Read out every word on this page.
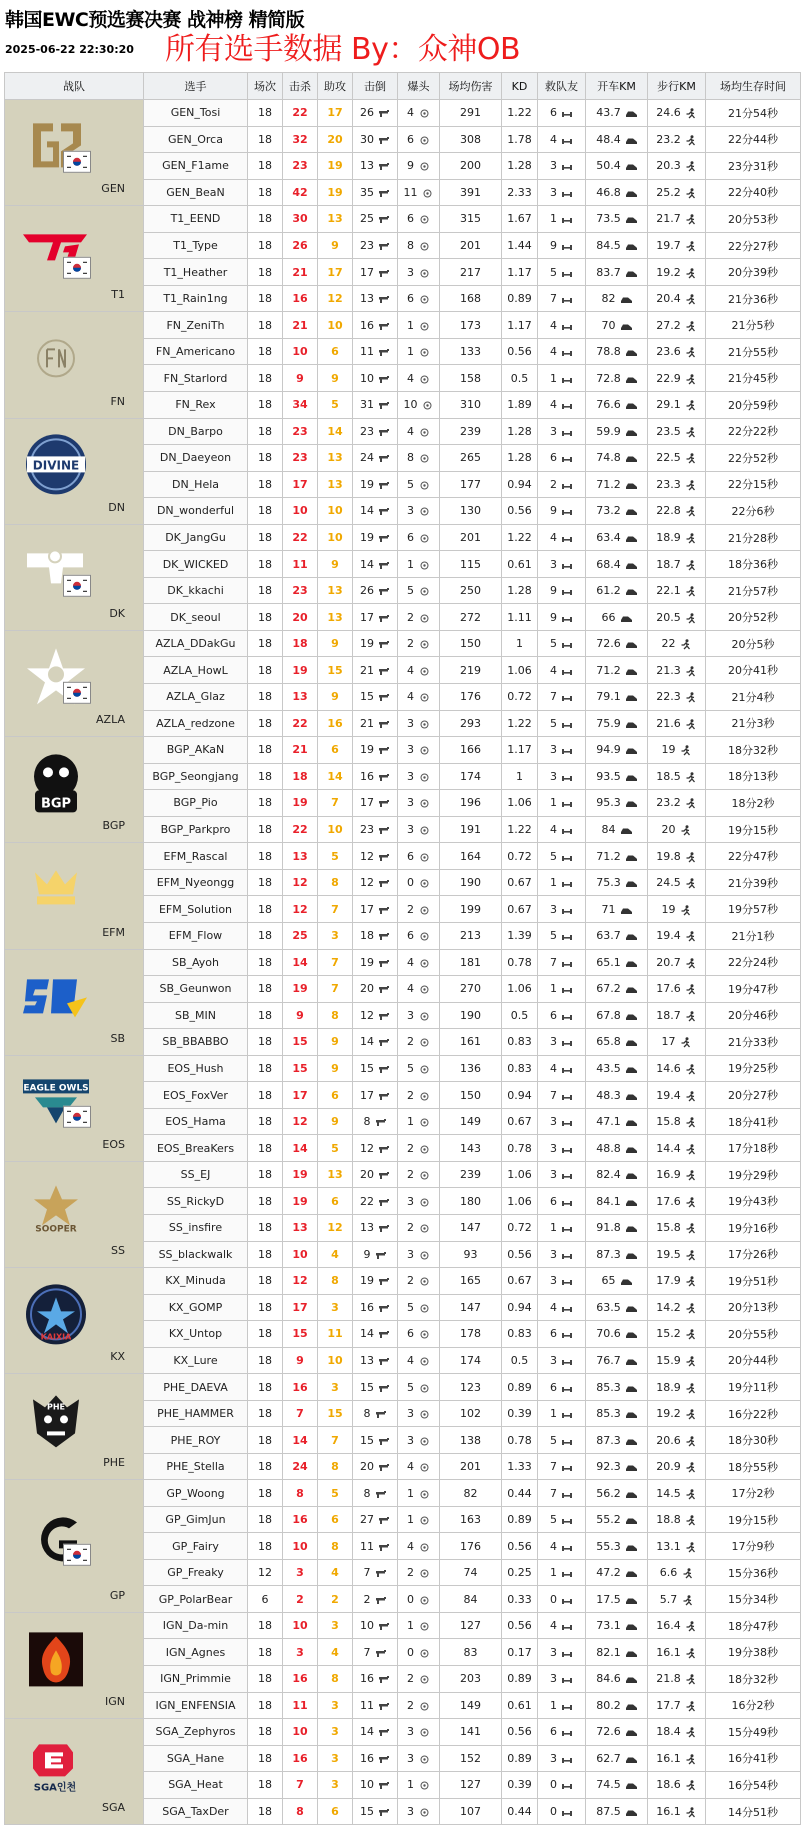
韩国EWC预选赛决赛 战神榜 精简版
2025-06-22 22:30:20 所有选手数据 By：众神OB
战队	选手	场次	击杀	助攻	击倒	爆头	场均伤害	KD	救队友	开车KM	步行KM	场均生存时间

GEN	GEN_Tosi	18	22	17	26	4	291	1.22	6	43.7	24.6	21分54秒
	GEN_Orca	18	32	20	30	6	308	1.78	4	48.4	23.2	22分44秒
	GEN_F1ame	18	23	19	13	9	200	1.28	3	50.4	20.3	23分31秒
	GEN_BeaN	18	42	19	35	11	391	2.33	3	46.8	25.2	22分40秒

T1	T1_EEND	18	30	13	25	6	315	1.67	1	73.5	21.7	20分53秒
	T1_Type	18	26	9	23	8	201	1.44	9	84.5	19.7	22分27秒
	T1_Heather	18	21	17	17	3	217	1.17	5	83.7	19.2	20分39秒
	T1_Rain1ng	18	16	12	13	6	168	0.89	7	82	20.4	21分36秒

FN	FN_ZeniTh	18	21	10	16	1	173	1.17	4	70	27.2	21分5秒
	FN_Americano	18	10	6	11	1	133	0.56	4	78.8	23.6	21分55秒
	FN_Starlord	18	9	9	10	4	158	0.5	1	72.8	22.9	21分45秒
	FN_Rex	18	34	5	31	10	310	1.89	4	76.6	29.1	20分59秒

DIVINE
DN	DN_Barpo	18	23	14	23	4	239	1.28	3	59.9	23.5	22分22秒
	DN_Daeyeon	18	23	13	24	8	265	1.28	6	74.8	22.5	22分52秒
	DN_Hela	18	17	13	19	5	177	0.94	2	71.2	23.3	22分15秒
	DN_wonderful	18	10	10	14	3	130	0.56	9	73.2	22.8	22分6秒

DK	DK_JangGu	18	22	10	19	6	201	1.22	4	63.4	18.9	21分28秒
	DK_WICKED	18	11	9	14	1	115	0.61	3	68.4	18.7	18分36秒
	DK_kkachi	18	23	13	26	5	250	1.28	9	61.2	22.1	21分57秒
	DK_seoul	18	20	13	17	2	272	1.11	9	66	20.5	20分52秒

AZLA	AZLA_DDakGu	18	18	9	19	2	150	1	5	72.6	22	20分5秒
	AZLA_HowL	18	19	15	21	4	219	1.06	4	71.2	21.3	20分41秒
	AZLA_Glaz	18	13	9	15	4	176	0.72	7	79.1	22.3	21分4秒
	AZLA_redzone	18	22	16	21	3	293	1.22	5	75.9	21.6	21分3秒

BGP
BGP	BGP_AKaN	18	21	6	19	3	166	1.17	3	94.9	19	18分32秒
	BGP_Seongjang	18	18	14	16	3	174	1	3	93.5	18.5	18分13秒
	BGP_Pio	18	19	7	17	3	196	1.06	1	95.3	23.2	18分2秒
	BGP_Parkpro	18	22	10	23	3	191	1.22	4	84	20	19分15秒

EFM	EFM_Rascal	18	13	5	12	6	164	0.72	5	71.2	19.8	22分47秒
	EFM_Nyeongg	18	12	8	12	0	190	0.67	1	75.3	24.5	21分39秒
	EFM_Solution	18	12	7	17	2	199	0.67	3	71	19	19分57秒
	EFM_Flow	18	25	3	18	6	213	1.39	5	63.7	19.4	21分1秒

SB	SB_Ayoh	18	14	7	19	4	181	0.78	7	65.1	20.7	22分24秒
	SB_Geunwon	18	19	7	20	4	270	1.06	1	67.2	17.6	19分47秒
	SB_MIN	18	9	8	12	3	190	0.5	6	67.8	18.7	20分46秒
	SB_BBABBO	18	15	9	14	2	161	0.83	3	65.8	17	21分33秒

EAGLE OWLS
EOS	EOS_Hush	18	15	9	15	5	136	0.83	4	43.5	14.6	19分25秒
	EOS_FoxVer	18	17	6	17	2	150	0.94	7	48.3	19.4	20分27秒
	EOS_Hama	18	12	9	8	1	149	0.67	3	47.1	15.8	18分41秒
	EOS_BreaKers	18	14	5	12	2	143	0.78	3	48.8	14.4	17分18秒

SOOPER
SS	SS_EJ	18	19	13	20	2	239	1.06	3	82.4	16.9	19分29秒
	SS_RickyD	18	19	6	22	3	180	1.06	6	84.1	17.6	19分43秒
	SS_insfire	18	13	12	13	2	147	0.72	1	91.8	15.8	19分16秒
	SS_blackwalk	18	10	4	9	3	93	0.56	3	87.3	19.5	17分26秒

KAIXIA
KX	KX_Minuda	18	12	8	19	2	165	0.67	3	65	17.9	19分51秒
	KX_GOMP	18	17	3	16	5	147	0.94	4	63.5	14.2	20分13秒
	KX_Untop	18	15	11	14	6	178	0.83	6	70.6	15.2	20分55秒
	KX_Lure	18	9	10	13	4	174	0.5	3	76.7	15.9	20分44秒

PHE
PHE	PHE_DAEVA	18	16	3	15	5	123	0.89	6	85.3	18.9	19分11秒
	PHE_HAMMER	18	7	15	8	3	102	0.39	1	85.3	19.2	16分22秒
	PHE_ROY	18	14	7	15	3	138	0.78	5	87.3	20.6	18分30秒
	PHE_Stella	18	24	8	20	4	201	1.33	7	92.3	20.9	18分55秒

GP	GP_Woong	18	8	5	8	1	82	0.44	7	56.2	14.5	17分2秒
	GP_GimJun	18	16	6	27	1	163	0.89	5	55.2	18.8	19分15秒
	GP_Fairy	18	10	8	11	4	176	0.56	4	55.3	13.1	17分9秒
	GP_Freaky	12	3	4	7	2	74	0.25	1	47.2	6.6	15分36秒
	GP_PolarBear	6	2	2	2	0	84	0.33	0	17.5	5.7	15分34秒

IGN	IGN_Da-min	18	10	3	10	1	127	0.56	4	73.1	16.4	18分47秒
	IGN_Agnes	18	3	4	7	0	83	0.17	3	82.1	16.1	19分38秒
	IGN_Primmie	18	16	8	16	2	203	0.89	3	84.6	21.8	18分32秒
	IGN_ENFENSIA	18	11	3	11	2	149	0.61	1	80.2	17.7	16分2秒

SGA인천
SGA	SGA_Zephyros	18	10	3	14	3	141	0.56	6	72.6	18.4	15分49秒
	SGA_Hane	18	16	3	16	3	152	0.89	3	62.7	16.1	16分41秒
	SGA_Heat	18	7	3	10	1	127	0.39	0	74.5	18.6	16分54秒
	SGA_TaxDer	18	8	6	15	3	107	0.44	0	87.5	16.1	14分51秒
